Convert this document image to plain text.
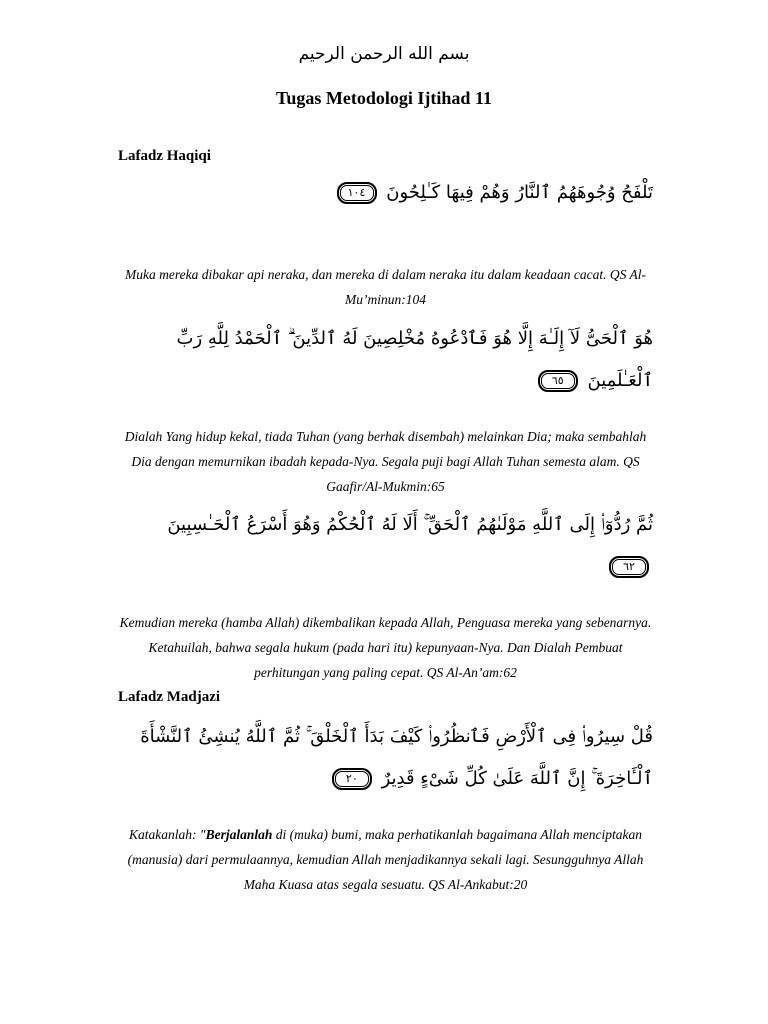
بسم الله الرحمن الرحيم
Tugas Metodologi Ijtihad 11
Lafadz Haqiqi
تَلْفَحُ وُجُوهَهُمُ ٱلنَّارُ وَهُمْ فِيهَا كَـٰلِحُونَ ١٠٤
Muka mereka dibakar api neraka, dan mereka di dalam neraka itu dalam keadaan cacat. QS Al-Mu’minun:104
هُوَ ٱلْحَىُّ لَآ إِلَـٰهَ إِلَّا هُوَ فَٱدْعُوهُ مُخْلِصِينَ لَهُ ٱلدِّينَ ۗ ٱلْحَمْدُ لِلَّهِ رَبِّ ٱلْعَـٰلَمِينَ ٦٥
Dialah Yang hidup kekal, tiada Tuhan (yang berhak disembah) melainkan Dia; maka sembahlah Dia dengan memurnikan ibadah kepada-Nya. Segala puji bagi Allah Tuhan semesta alam. QS Gaafir/Al-Mukmin:65
ثُمَّ رُدُّوٓا۟ إِلَى ٱللَّهِ مَوْلَىٰهُمُ ٱلْحَقِّ ۚ أَلَا لَهُ ٱلْحُكْمُ وَهُوَ أَسْرَعُ ٱلْحَـٰسِبِينَ ٦٢
Kemudian mereka (hamba Allah) dikembalikan kepada Allah, Penguasa mereka yang sebenarnya. Ketahuilah, bahwa segala hukum (pada hari itu) kepunyaan-Nya. Dan Dialah Pembuat perhitungan yang paling cepat. QS Al-An’am:62
Lafadz Madjazi
قُلْ سِيرُوا۟ فِى ٱلْأَرْضِ فَٱنظُرُوا۟ كَيْفَ بَدَأَ ٱلْخَلْقَ ۚ ثُمَّ ٱللَّهُ يُنشِئُ ٱلنَّشْأَةَ ٱلْـَٔاخِرَةَ ۚ إِنَّ ٱللَّهَ عَلَىٰ كُلِّ شَىْءٍ قَدِيرٌ ٢٠
Katakanlah: "Berjalanlah di (muka) bumi, maka perhatikanlah bagaimana Allah menciptakan (manusia) dari permulaannya, kemudian Allah menjadikannya sekali lagi. Sesungguhnya Allah Maha Kuasa atas segala sesuatu. QS Al-Ankabut:20
